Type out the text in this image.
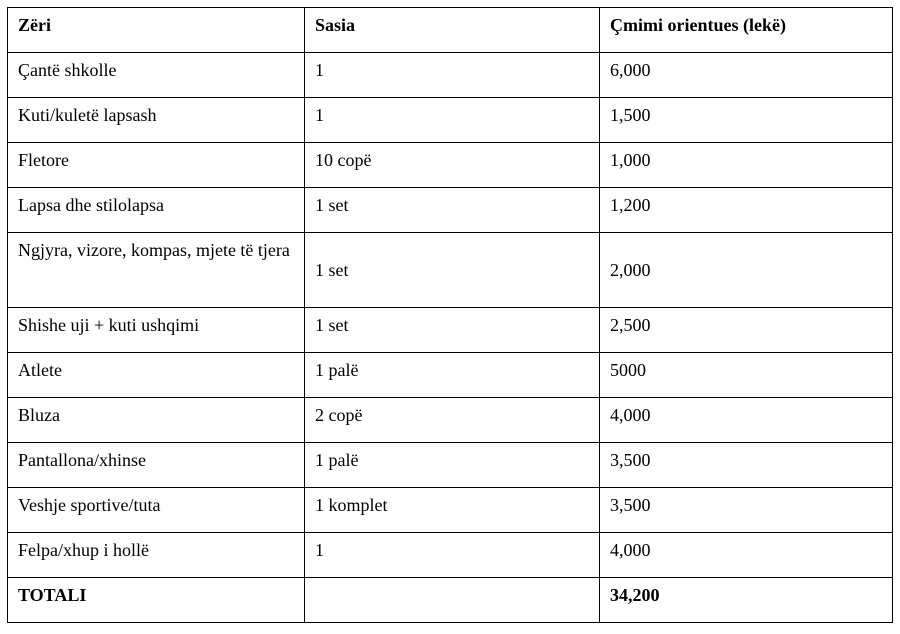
Zëri	Sasia	Çmimi orientues (lekë)
Çantë shkolle	1	6,000
Kuti/kuletë lapsash	1	1,500
Fletore	10 copë	1,000
Lapsa dhe stilolapsa	1 set	1,200
Ngjyra, vizore, kompas, mjete të tjera	1 set	2,000
Shishe uji + kuti ushqimi	1 set	2,500
Atlete	1 palë	5000
Bluza	2 copë	4,000
Pantallona/xhinse	1 palë	3,500
Veshje sportive/tuta	1 komplet	3,500
Felpa/xhup i hollë	1	4,000
TOTALI		34,200
